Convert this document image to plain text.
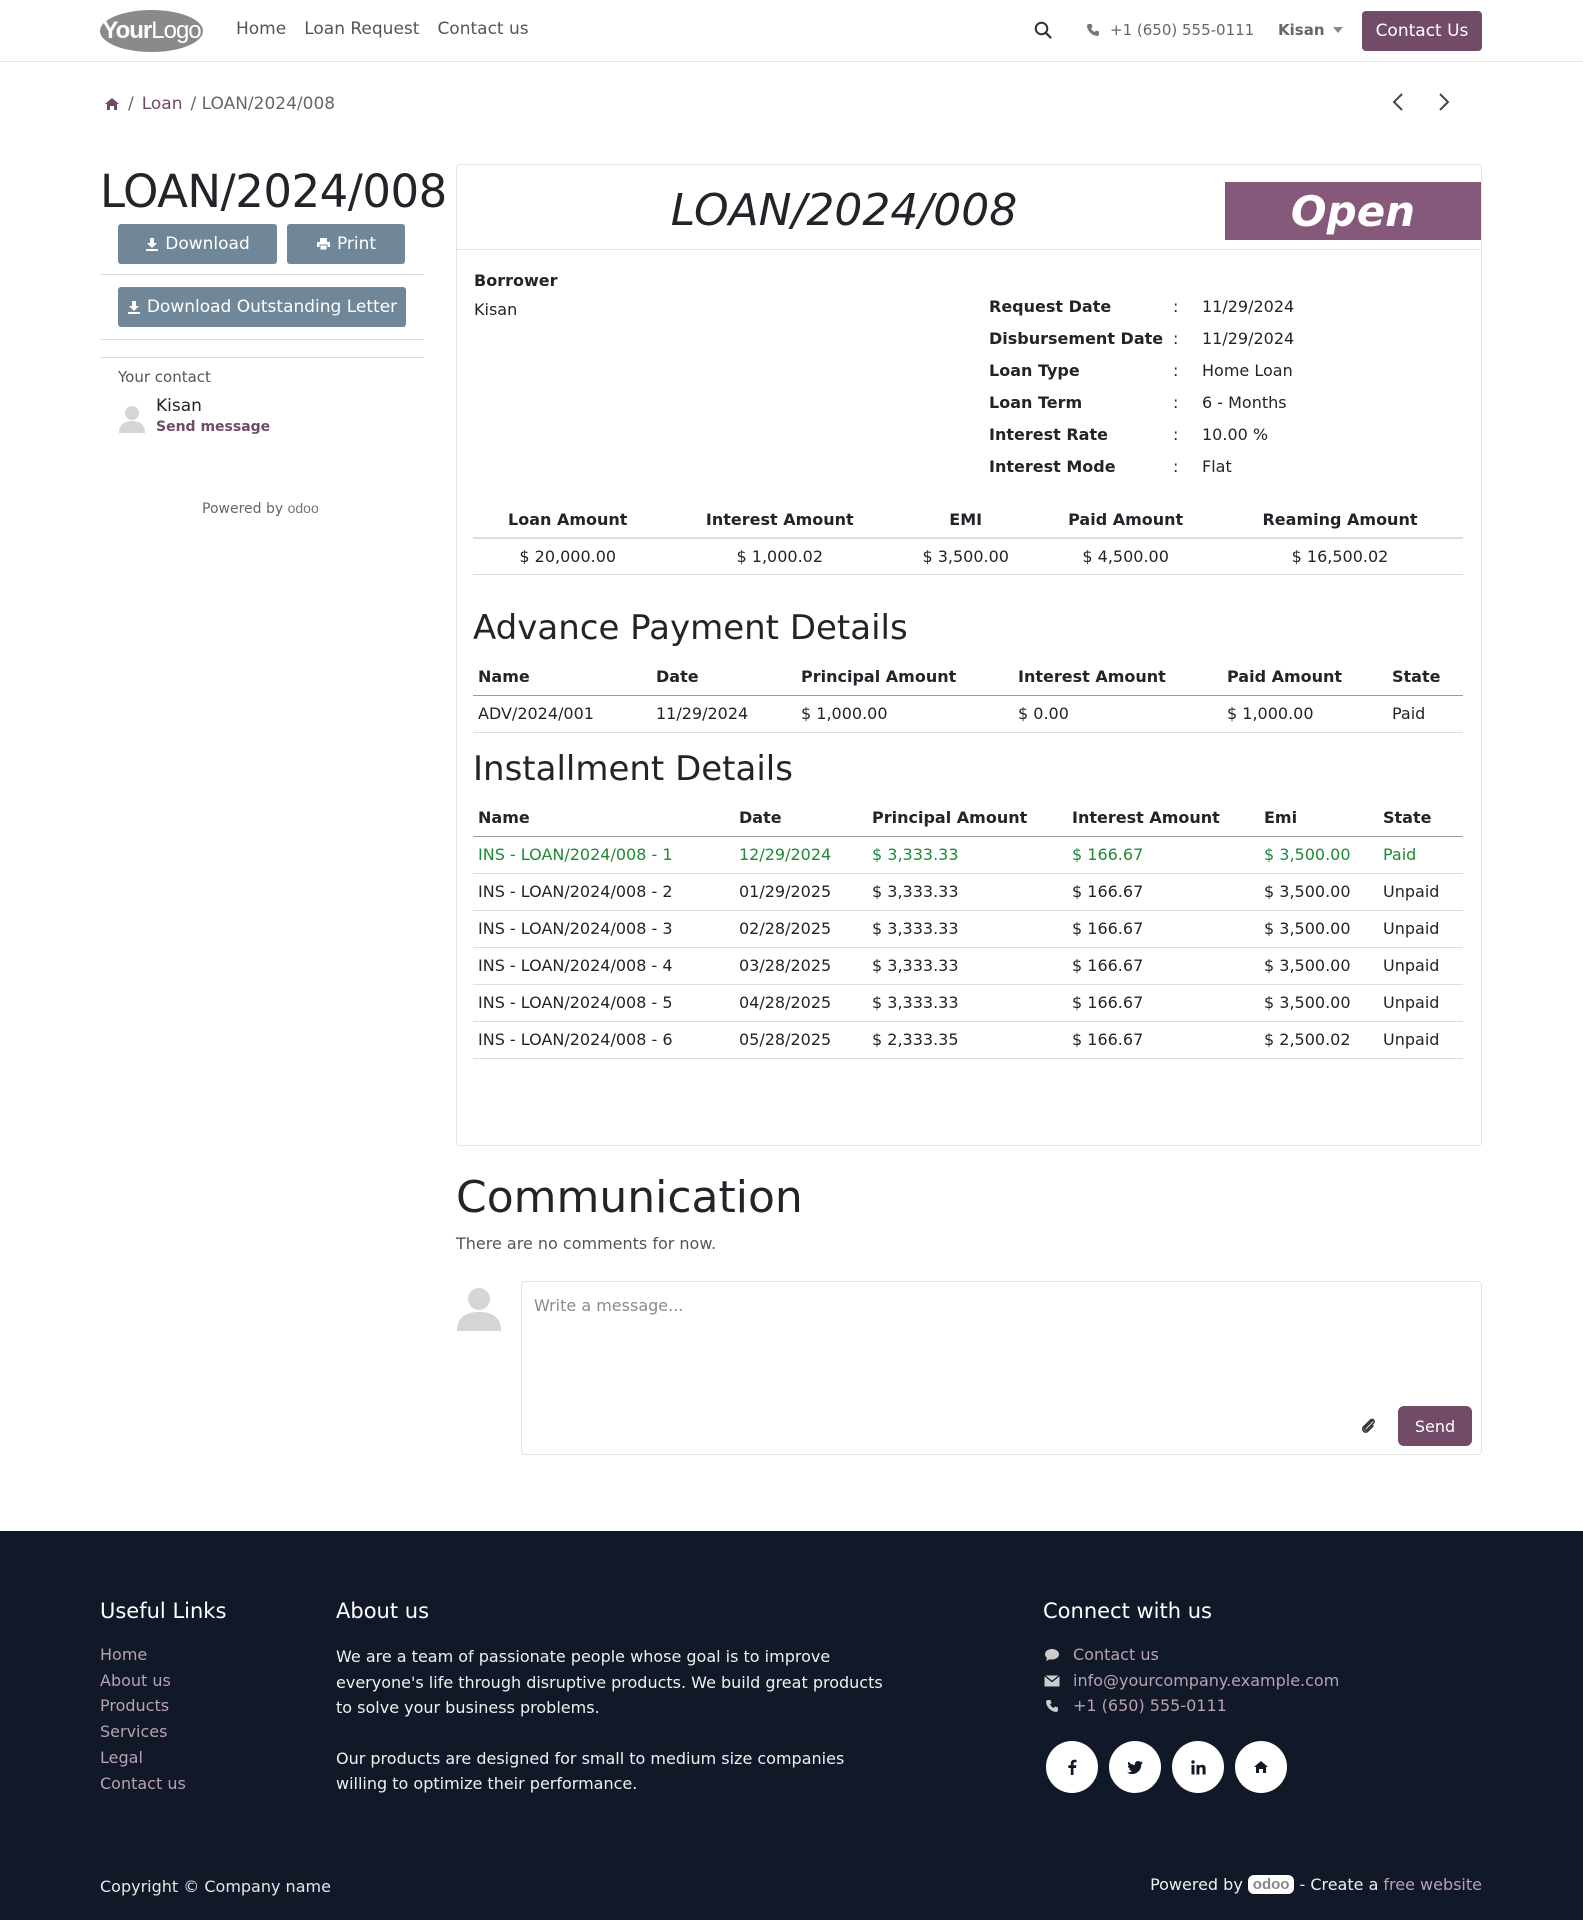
Your Logo Home Loan Request Contact us	+1 (650) 555-0111 Kisan	Contact Us
/ Loan / LOAN/2024/008
LOAN/2024/008
Download	Print
Download Outstanding Letter
Your contact
Kisan
Send message
Powered by odoo
LOAN/2024/008	Open
Borrower
Kisan	Request Date	:	11/29/2024
Disbursement Date :	11/29/2024
Loan Type	:	Home Loan
Loan Term	:	6 - Months
Interest Rate	:	10.00 %
Interest Mode	:	Flat
Loan Amount	Interest Amount	EMI	Paid Amount	Reaming Amount
$ 20,000.00	$ 1,000.02	$ 3,500.00	$ 4,500.00	$ 16,500.02
Advance Payment Details
Name	Date	Principal Amount	Interest Amount	Paid Amount	State
ADV/2024/001	11/29/2024	$ 1,000.00	$ 0.00	$ 1,000.00	Paid
Installment Details
Name	Date	Principal Amount	Interest Amount	Emi	State
INS - LOAN/2024/008 - 1	12/29/2024	$ 3,333.33	$ 166.67	$ 3,500.00	Paid
INS - LOAN/2024/008 - 2	01/29/2025	$ 3,333.33	$ 166.67	$ 3,500.00	Unpaid
INS - LOAN/2024/008 - 3	02/28/2025	$ 3,333.33	$ 166.67	$ 3,500.00	Unpaid
INS - LOAN/2024/008 - 4	03/28/2025	$ 3,333.33	$ 166.67	$ 3,500.00	Unpaid
INS - LOAN/2024/008 - 5	04/28/2025	$ 3,333.33	$ 166.67	$ 3,500.00	Unpaid
INS - LOAN/2024/008 - 6	05/28/2025	$ 2,333.35	$ 166.67	$ 2,500.02	Unpaid
Communication
There are no comments for now.
Write a message...
Send
Useful Links
Home
About us
Products
Services
Legal
Contact us
About us

We are a team of passionate people whose goal is to improve everyone's life through disruptive products. We build great products to solve your business problems.

Our products are designed for small to medium size companies willing to optimize their performance.

Connect with us
Contact us
info@yourcompany.example.com
+1 (650) 555-0111
Copyright © Company name	Powered by odoo - Create a free website
